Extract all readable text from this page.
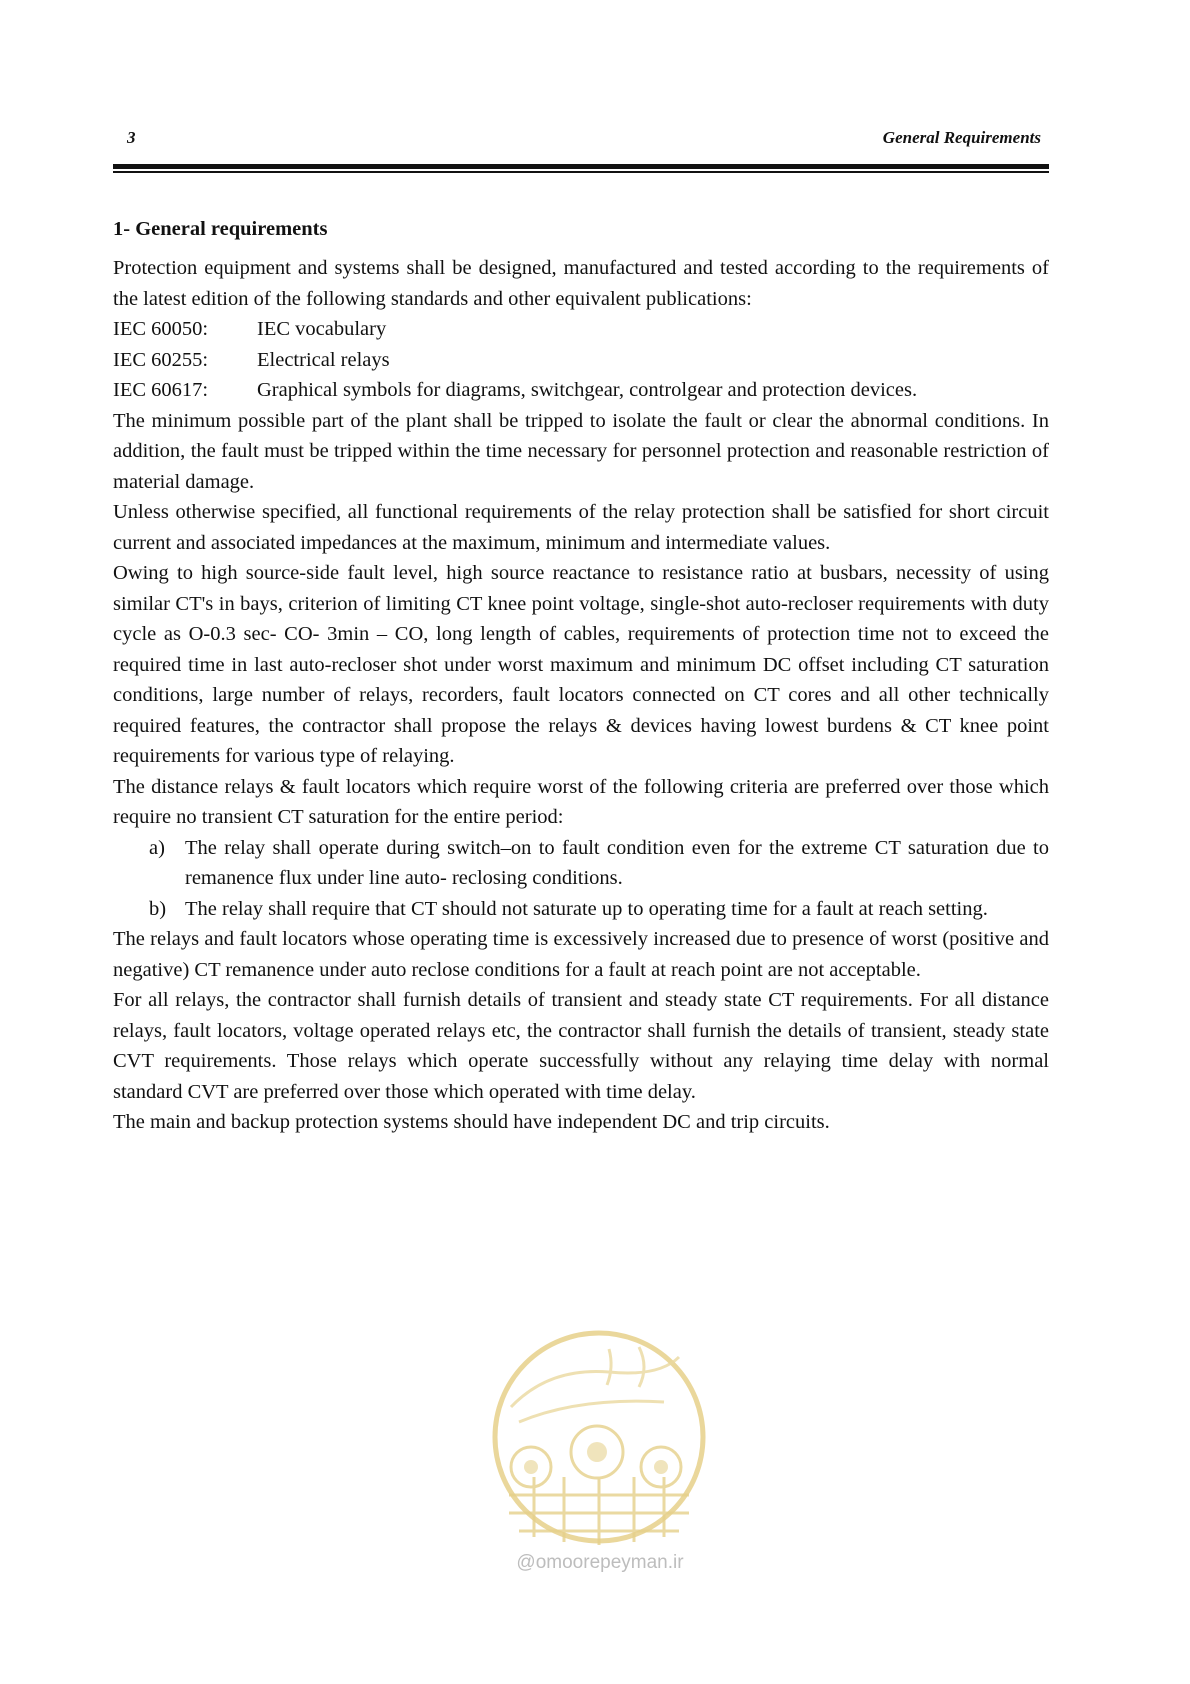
3	General Requirements
1- General requirements

Protection equipment and systems shall be designed, manufactured and tested according to the requirements of the latest edition of the following standards and other equivalent publications:

IEC 60050:	IEC vocabulary
IEC 60255:	Electrical relays
IEC 60617:	Graphical symbols for diagrams, switchgear, controlgear and protection devices.

The minimum possible part of the plant shall be tripped to isolate the fault or clear the abnormal conditions. In addition, the fault must be tripped within the time necessary for personnel protection and reasonable restriction of material damage.

Unless otherwise specified, all functional requirements of the relay protection shall be satisfied for short circuit current and associated impedances at the maximum, minimum and intermediate values.

Owing to high source-side fault level, high source reactance to resistance ratio at busbars, necessity of using similar CT's in bays, criterion of limiting CT knee point voltage, single-shot auto-recloser requirements with duty cycle as O-0.3 sec- CO- 3min – CO, long length of cables, requirements of protection time not to exceed the required time in last auto-recloser shot under worst maximum and minimum DC offset including CT saturation conditions, large number of relays, recorders, fault locators connected on CT cores and all other technically required features, the contractor shall propose the relays & devices having lowest burdens & CT knee point requirements for various type of relaying.

The distance relays & fault locators which require worst of the following criteria are preferred over those which require no transient CT saturation for the entire period:

a) The relay shall operate during switch–on to fault condition even for the extreme CT saturation due to remanence flux under line auto- reclosing conditions.
b) The relay shall require that CT should not saturate up to operating time for a fault at reach setting.

The relays and fault locators whose operating time is excessively increased due to presence of worst (positive and negative) CT remanence under auto reclose conditions for a fault at reach point are not acceptable.

For all relays, the contractor shall furnish details of transient and steady state CT requirements. For all distance relays, fault locators, voltage operated relays etc, the contractor shall furnish the details of transient, steady state CVT requirements. Those relays which operate successfully without any relaying time delay with normal standard CVT are preferred over those which operated with time delay.

The main and backup protection systems should have independent DC and trip circuits.

@omoorepeyman.ir
